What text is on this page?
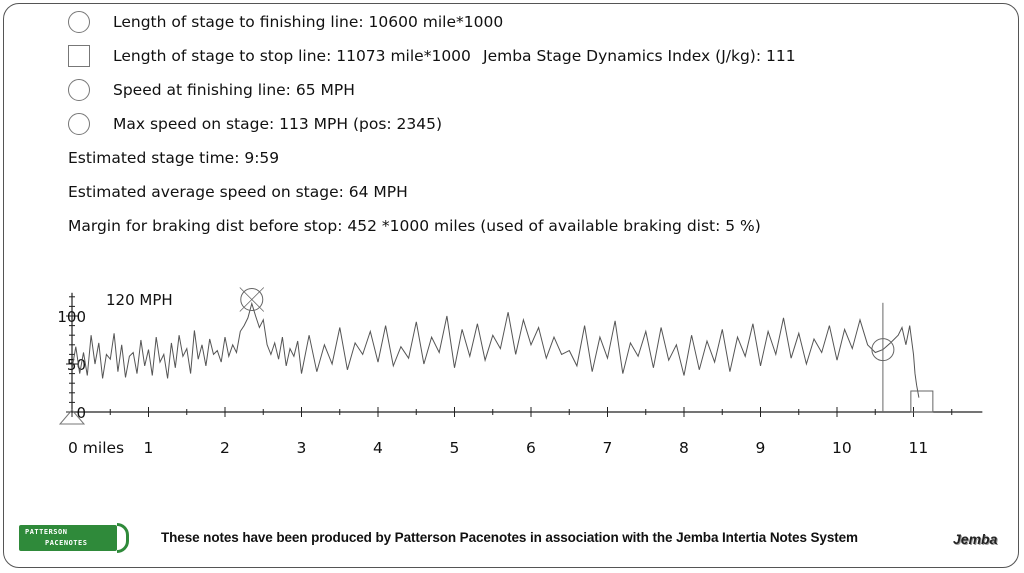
Length of stage to finishing line: 10600 mile*1000
Length of stage to stop line: 11073 mile*1000 Jemba Stage Dynamics Index (J/kg): 111
Speed at finishing line: 65 MPH
Max speed on stage: 113 MPH (pos: 2345)
Estimated stage time: 9:59
Estimated average speed on stage: 64 MPH
Margin for braking dist before stop: 452 *1000 miles (used of available braking dist: 5 %)
0
50
100
120 MPH
0 miles 1	2	3	4	5	6	7	8	9	10	11
PATTERSON
PACENOTES	These notes have been produced by Patterson Pacenotes in association with the Jemba Intertia Notes System	Jemba
